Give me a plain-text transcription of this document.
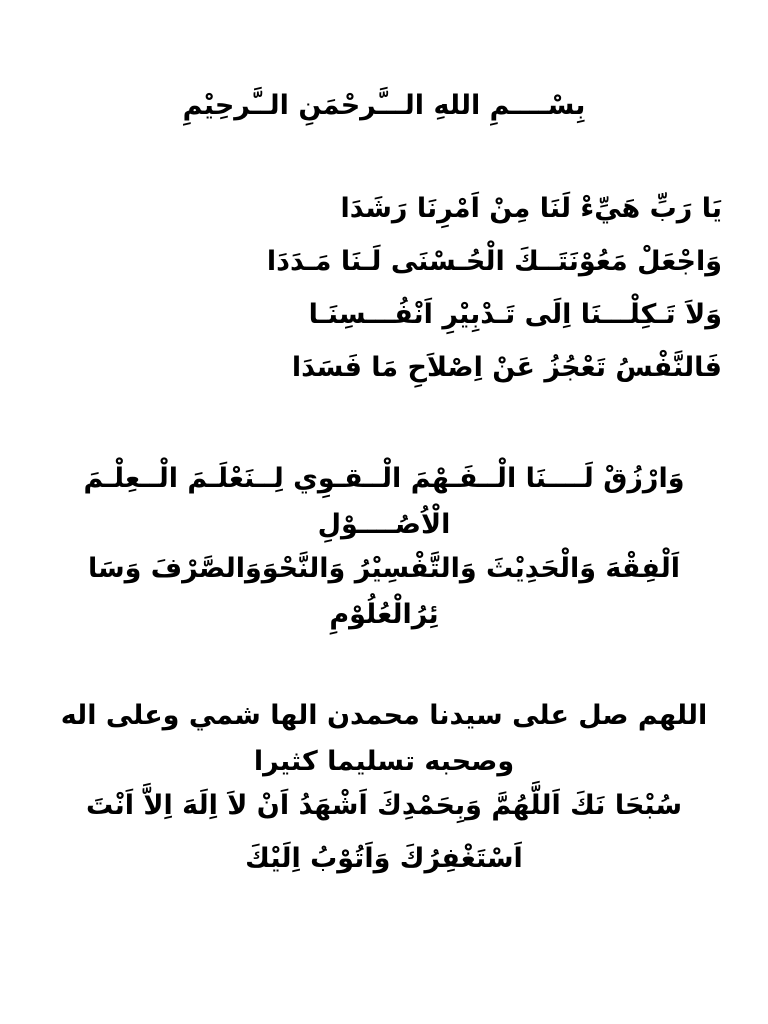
بِسْــــمِ اللهِ الـــَّرحْمَنِ الــَّرحِيْمِ

يَا رَبِّ هَيِّءْ لَنَا مِنْ اَمْرِنَا رَشَدَا

وَاجْعَلْ مَعُوْنَتَــكَ الْحُـسْنَى لَـنَا مَـدَدَا

وَلاَ تَـكِلْـــنَا اِلَى تَـدْبِيْرِ اَنْفُـــسِنَـا

فَالنَّفْسُ تَعْجُزُ عَنْ اِصْلاَحِ مَا فَسَدَا

وَارْزُقْ لَــــنَا الْــفَـهْمَ الْــقـوِي لِــنَعْلَـمَ الْــعِلْـمَ الْاُصُــــوْلِ

اَلْفِقْهَ وَالْحَدِيْثَ وَالتَّفْسِيْرُ وَالنَّحْوَوَالصَّرْفَ وَسَا ئِرُالْعُلُوْمِ

اللهم صل على سيدنا محمدن الها شمي وعلى اله وصحبه تسليما كثيرا

سُبْحَا نَكَ اَللَّهُمَّ وَبِحَمْدِكَ اَشْهَدُ اَنْ لاَ اِلَهَ اِلاَّ اَنْتَ

اَسْتَغْفِرُكَ وَاَتُوْبُ اِلَيْكَ
